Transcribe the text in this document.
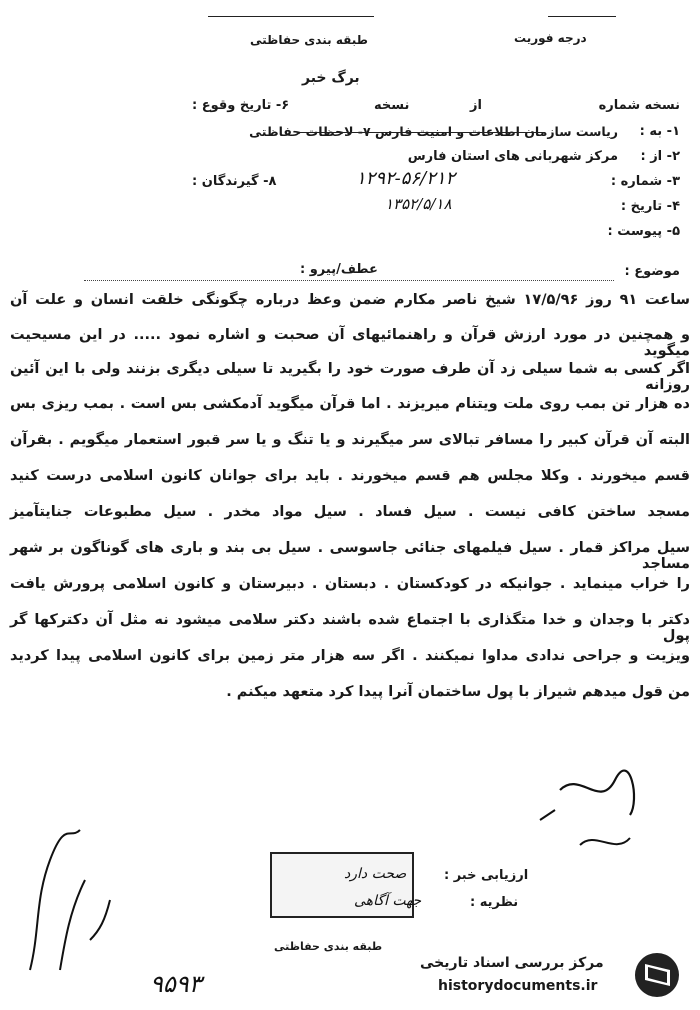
طبقه بندی حفاظتی	درجه فوریت
برگ خبر
نسخه شماره
از
نسخه
۶- تاریخ وقوع :
۱- به :
ریاست سازمان اطلاعات و امنیت فارس ۷- لاحظات حفاظتی
۲- از :
مرکز شهربانی های استان فارس
۳- شماره :
۱۲۹۲-۵۶/۲۱۲
۸- گیرندگان :
۴- تاریخ :
۱۳۵۲/۵/۱۸
۵- پیوست :
موضوع :
عطف/پیرو :
ساعت ۹۱ روز ۱۷/۵/۹۶ شیخ ناصر مکارم ضمن وعظ درباره چگونگی خلقت انسان و علت آن
و همچنین در مورد ارزش قرآن و راهنمائیهای آن صحبت و اشاره نمود ..... در این مسیحیت میگوید
اگر کسی به شما سیلی زد آن طرف صورت خود را بگیرید تا سیلی دیگری بزنند ولی با این آئین روزانه
ده هزار تن بمب روی ملت ویتنام میریزند . اما قرآن میگوید آدمکشی بس است . بمب ریزی بس
البته آن قرآن کبیر را مسافر تبالای سر میگیرند و یا تنگ و یا سر قبور استعمار میگویم . بقرآن
قسم میخورند . وکلا مجلس هم قسم میخورند . باید برای جوانان کانون اسلامی درست کنید
مسجد ساختن کافی نیست . سیل فساد . سیل مواد مخدر . سیل مطبوعات جنایتآمیز
سیل مراکز قمار . سیل فیلمهای جنائی جاسوسی . سیل بی بند و باری های گوناگون بر شهر مساجد
را خراب مینماید . جوانیکه در کودکستان . دبستان . دبیرستان و کانون اسلامی پرورش یافت
دکتر با وجدان و خدا متگذاری با اجتماع شده باشند دکتر سلامی میشود نه مثل آن دکترکها گر پول
ویزیت و جراحی ندادی مداوا نمیکنند . اگر سه هزار متر زمین برای کانون اسلامی پیدا کردید
من قول میدهم شیراز با پول ساختمان آنرا پیدا کرد متعهد میکنم .
ارزیابی خبر :
صحت دارد
نظریه :
جهت آگاهی
طبقه بندی حفاظتی
۹۵۹۳
مرکز بررسی اسناد تاریخی
historydocuments.ir
